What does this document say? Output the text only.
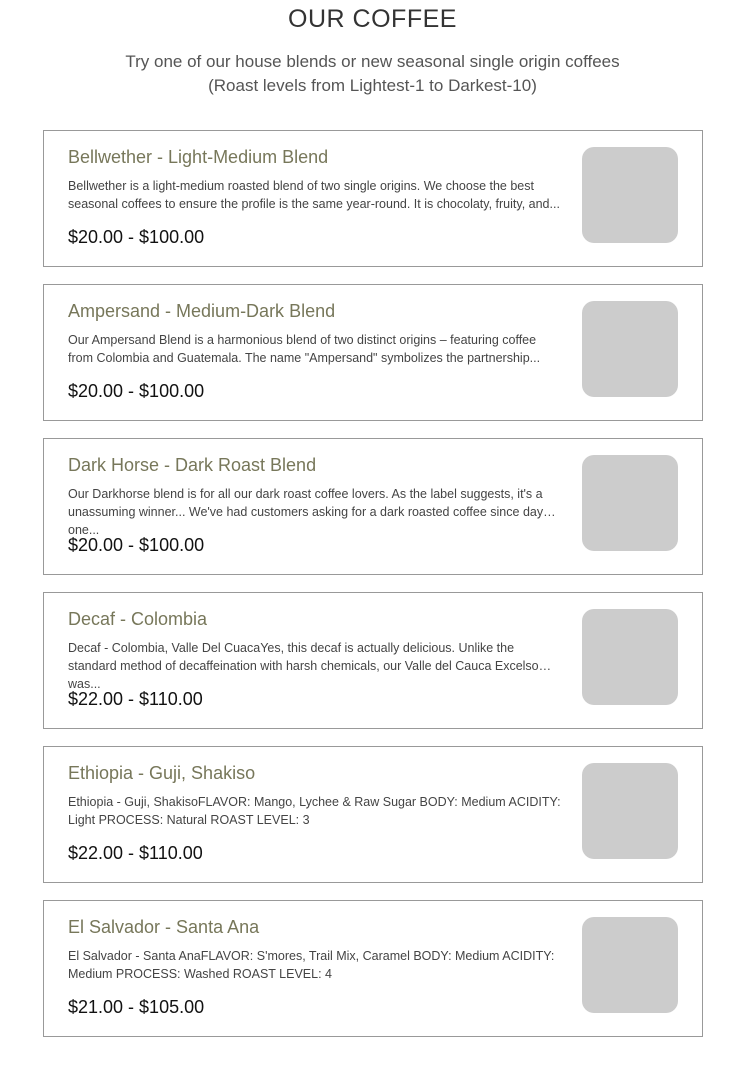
OUR COFFEE
Try one of our house blends or new seasonal single origin coffees
(Roast levels from Lightest-1 to Darkest-10)
Bellwether - Light-Medium Blend
Bellwether is a light-medium roasted blend of two single origins. We choose the best seasonal coffees to ensure the profile is the same year-round. It is chocolaty, fruity, and...
$20.00 - $100.00
Ampersand - Medium-Dark Blend
Our Ampersand Blend is a harmonious blend of two distinct origins – featuring coffee from Colombia and Guatemala. The name "Ampersand" symbolizes the partnership...
$20.00 - $100.00
Dark Horse - Dark Roast Blend
Our Darkhorse blend is for all our dark roast coffee lovers. As the label suggests, it's a unassuming winner... We've had customers asking for a dark roasted coffee since day one...
$20.00 - $100.00
Decaf - Colombia
Decaf - Colombia, Valle Del CuacaYes, this decaf is actually delicious. Unlike the standard method of decaffeination with harsh chemicals, our Valle del Cauca Excelso was...
$22.00 - $110.00
Ethiopia - Guji, Shakiso
Ethiopia - Guji, ShakisoFLAVOR: Mango, Lychee & Raw Sugar BODY: Medium ACIDITY: Light PROCESS: Natural ROAST LEVEL: 3
$22.00 - $110.00
El Salvador - Santa Ana
El Salvador - Santa AnaFLAVOR: S'mores, Trail Mix, Caramel BODY: Medium ACIDITY: Medium PROCESS: Washed ROAST LEVEL: 4
$21.00 - $105.00
